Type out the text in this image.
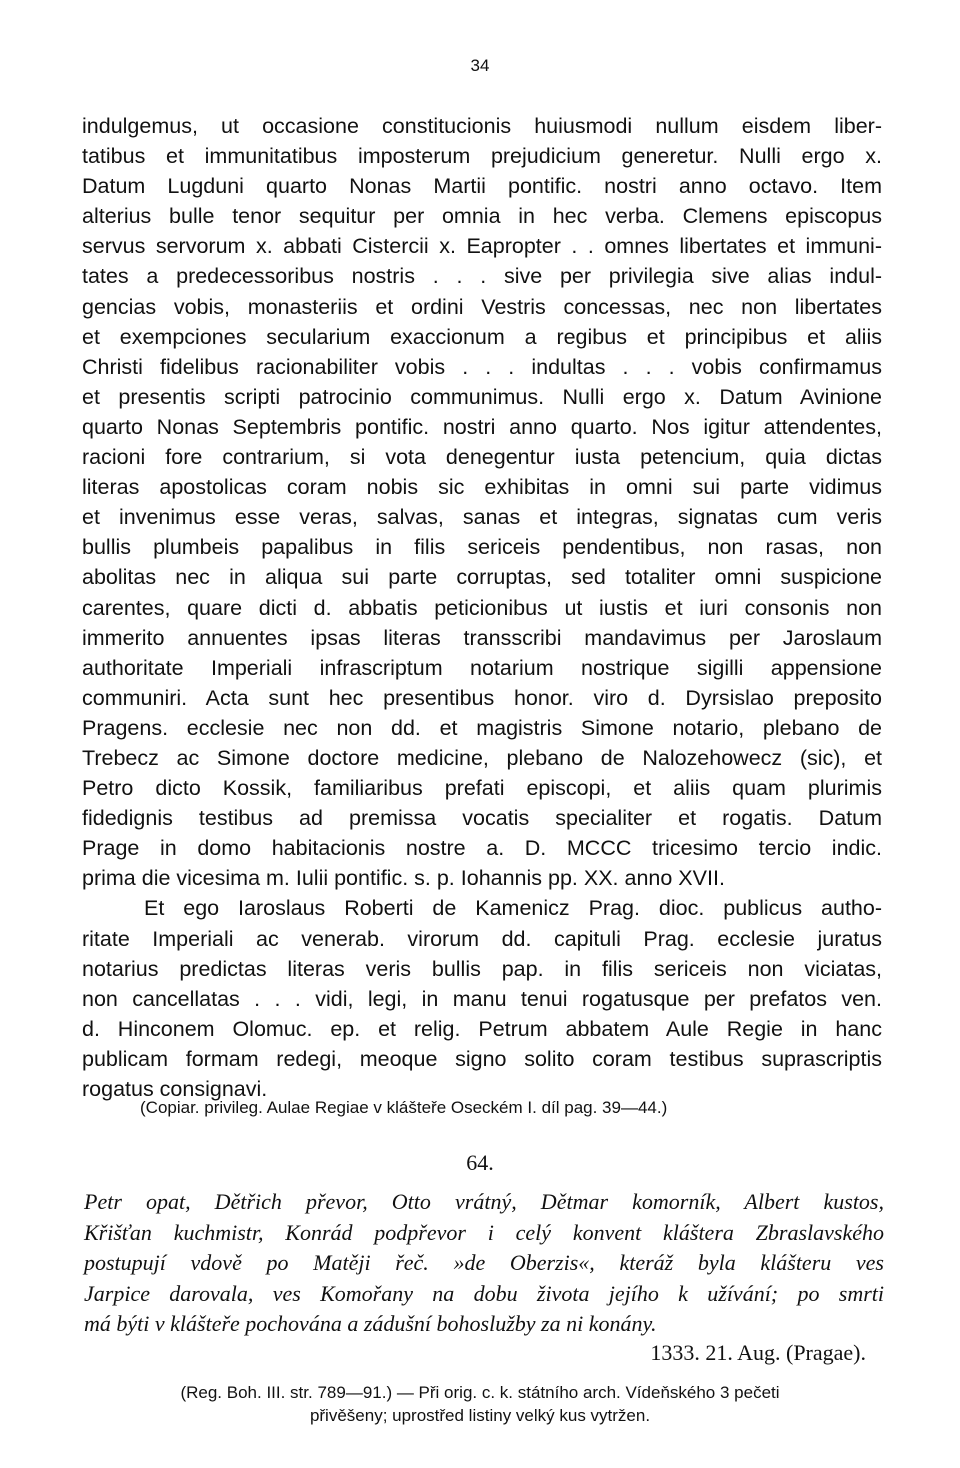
34
indulgemus, ut occasione constitucionis huiusmodi nullum eisdem liber-
tatibus et immunitatibus imposterum prejudicium generetur. Nulli ergo x.
Datum Lugduni quarto Nonas Martii pontific. nostri anno octavo. Item
alterius bulle tenor sequitur per omnia in hec verba. Clemens episcopus
servus servorum x. abbati Cistercii x. Eapropter . . omnes libertates et immuni-
tates a predecessoribus nostris . . . sive per privilegia sive alias indul-
gencias vobis, monasteriis et ordini Vestris concessas, nec non libertates
et exempciones secularium exaccionum a regibus et principibus et aliis
Christi fidelibus racionabiliter vobis . . . indultas . . . vobis confirmamus
et presentis scripti patrocinio communimus. Nulli ergo x. Datum Avinione
quarto Nonas Septembris pontific. nostri anno quarto. Nos igitur attendentes,
racioni fore contrarium, si vota denegentur iusta petencium, quia dictas
literas apostolicas coram nobis sic exhibitas in omni sui parte vidimus
et invenimus esse veras, salvas, sanas et integras, signatas cum veris
bullis plumbeis papalibus in filis sericeis pendentibus, non rasas, non
abolitas nec in aliqua sui parte corruptas, sed totaliter omni suspicione
carentes, quare dicti d. abbatis peticionibus ut iustis et iuri consonis non
immerito annuentes ipsas literas transscribi mandavimus per Jaroslaum
authoritate Imperiali infrascriptum notarium nostrique sigilli appensione
communiri. Acta sunt hec presentibus honor. viro d. Dyrsislao preposito
Pragens. ecclesie nec non dd. et magistris Simone notario, plebano de
Trebecz ac Simone doctore medicine, plebano de Nalozehowecz (sic), et
Petro dicto Kossik, familiaribus prefati episcopi, et aliis quam plurimis
fidedignis testibus ad premissa vocatis specialiter et rogatis. Datum
Prage in domo habitacionis nostre a. D. MCCC tricesimo tercio indic.
prima die vicesima m. Iulii pontific. s. p. Iohannis pp. XX. anno XVII.
Et ego Iaroslaus Roberti de Kamenicz Prag. dioc. publicus autho-
ritate Imperiali ac venerab. virorum dd. capituli Prag. ecclesie juratus
notarius predictas literas veris bullis pap. in filis sericeis non viciatas,
non cancellatas . . . vidi, legi, in manu tenui rogatusque per prefatos ven.
d. Hinconem Olomuc. ep. et relig. Petrum abbatem Aule Regie in hanc
publicam formam redegi, meoque signo solito coram testibus suprascriptis
rogatus consignavi.
(Copiar. privileg. Aulae Regiae v klášteře Oseckém I. díl pag. 39—44.)
64.
Petr opat, Dětřich převor, Otto vrátný, Dětmar komorník, Albert kustos,
Křišťan kuchmistr, Konrád podpřevor i celý konvent kláštera Zbraslavského
postupují vdově po Matěji řeč. »de Oberzis«, kteráž byla klášteru ves
Jarpice darovala, ves Komořany na dobu života jejího k užívání; po smrti
má býti v klášteře pochována a zádušní bohoslužby za ni konány.
1333. 21. Aug. (Pragae).
(Reg. Boh. III. str. 789—91.) — Při orig. c. k. státního arch. Vídeňského 3 pečeti
přivěšeny; uprostřed listiny velký kus vytržen.
